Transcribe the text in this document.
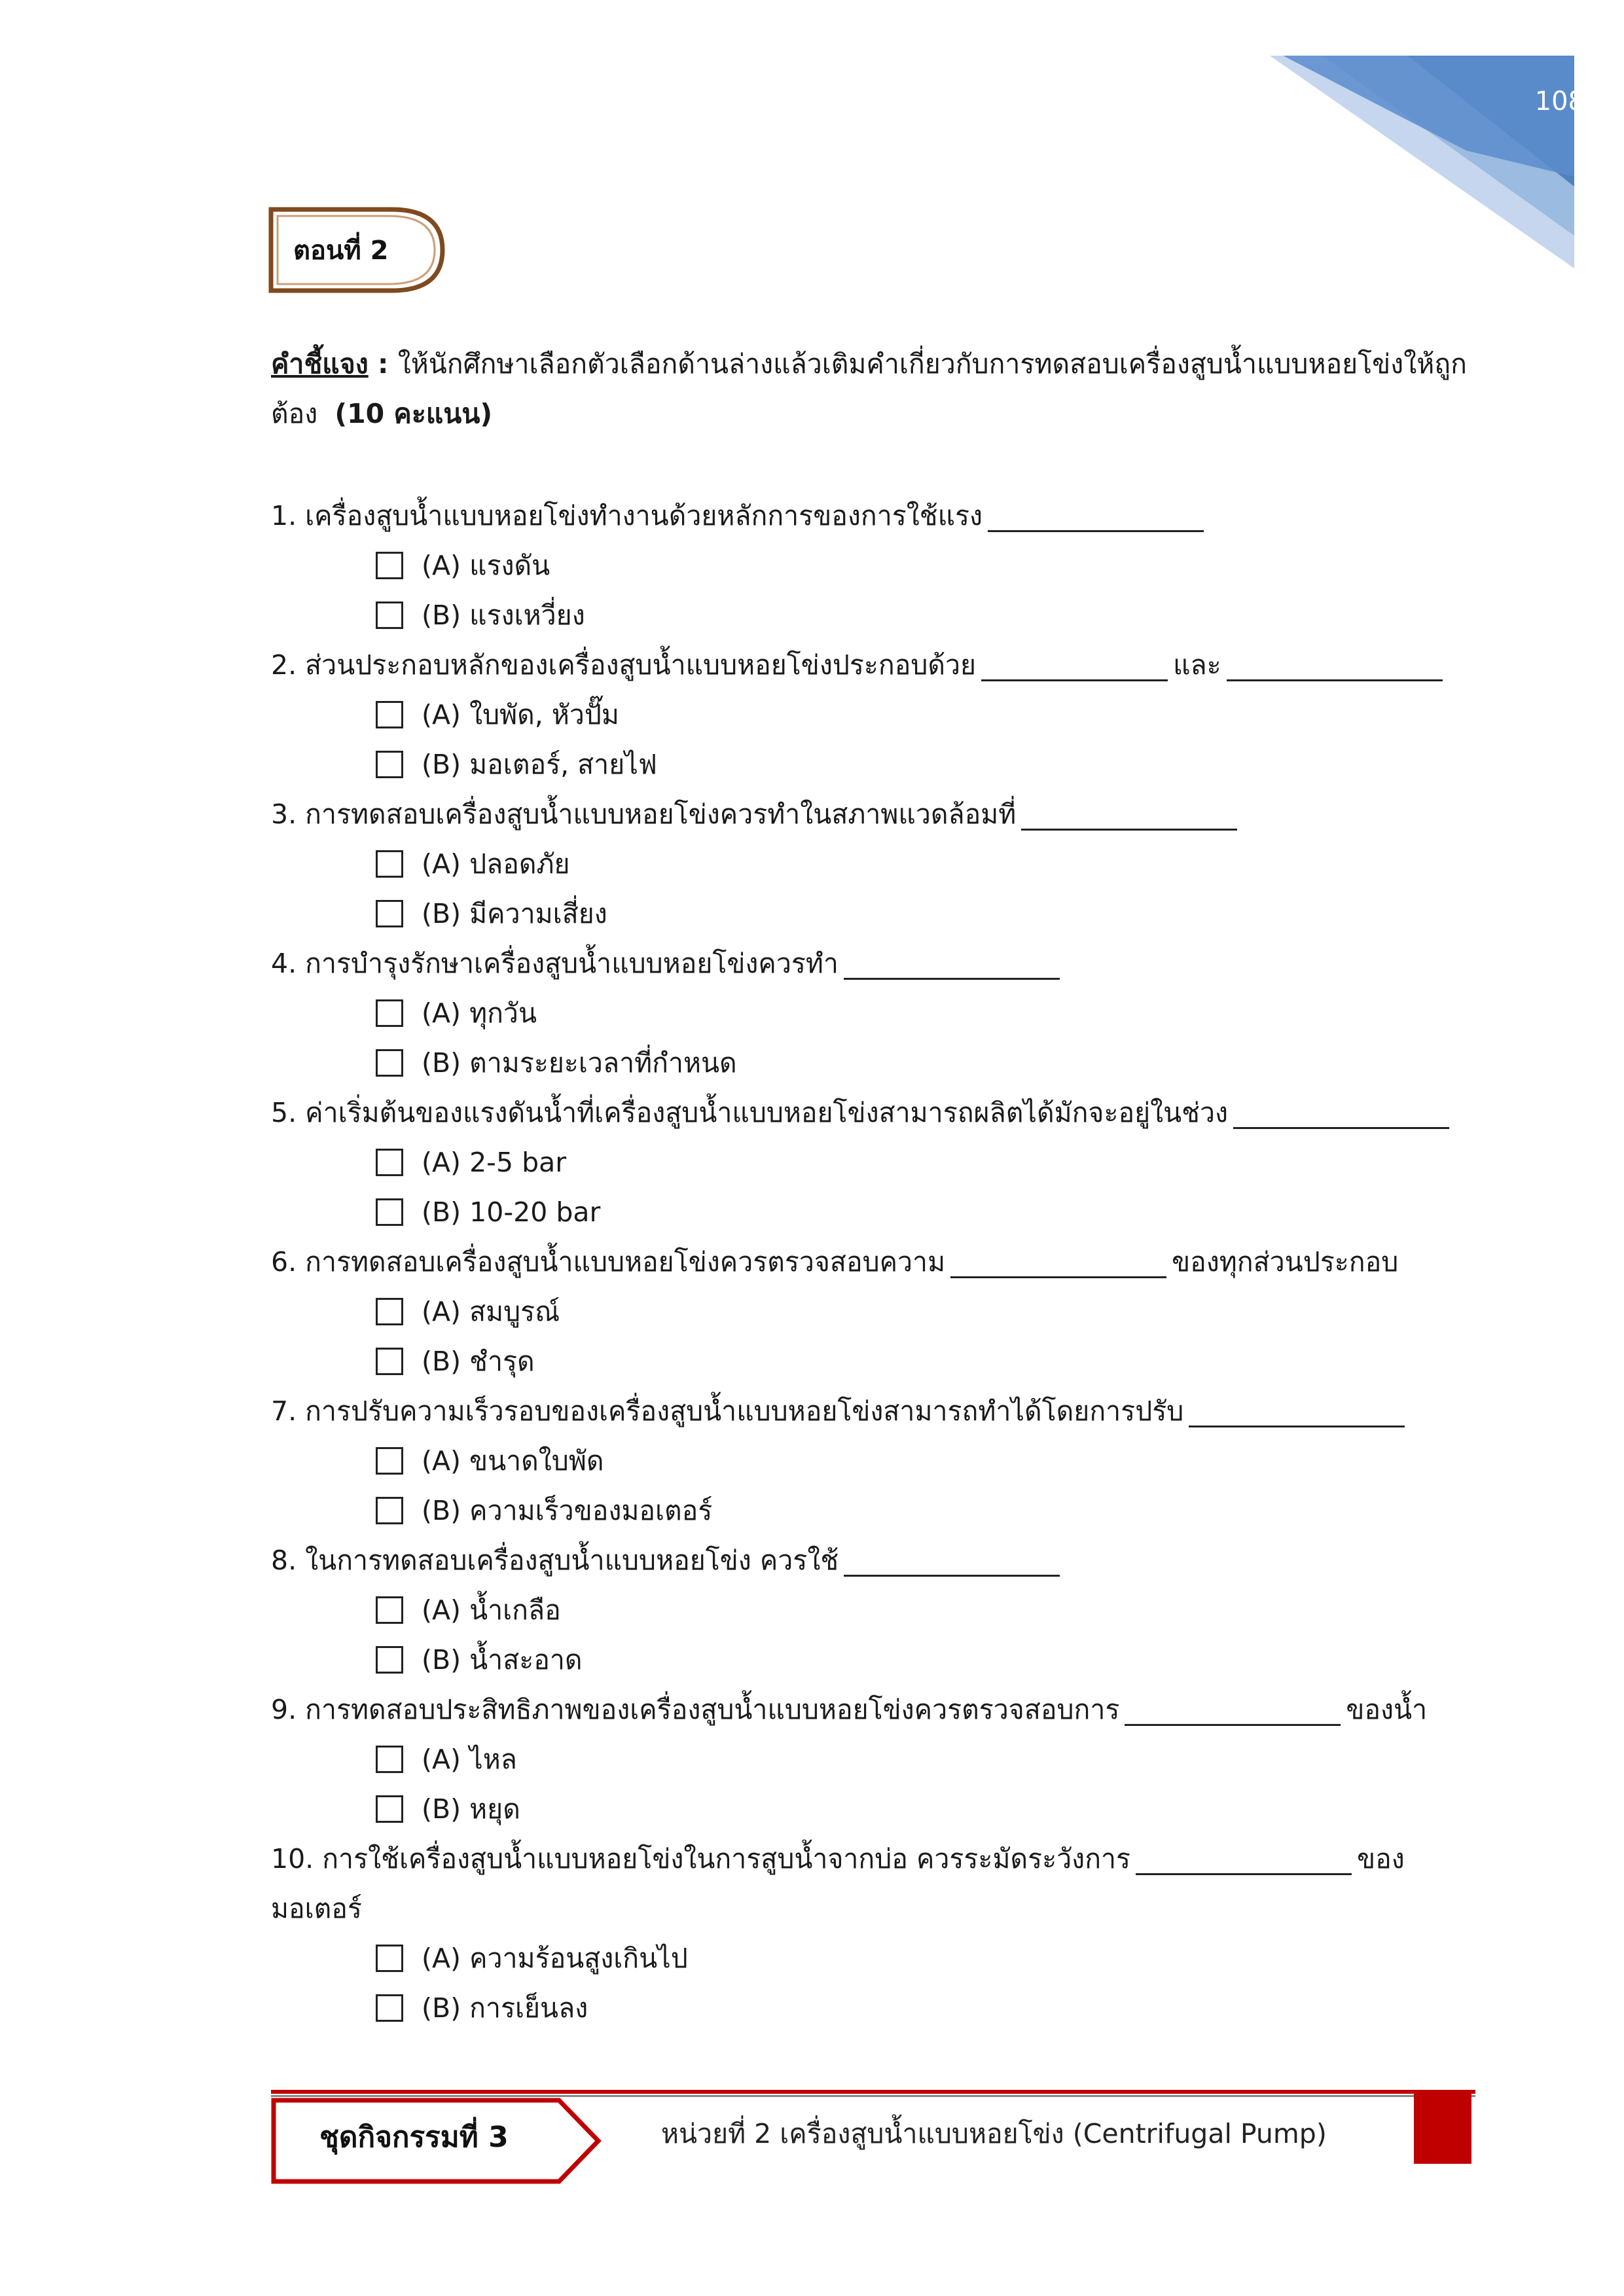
108
ตอนที่ 2
คำชี้แจง : ให้นักศึกษาเลือกตัวเลือกด้านล่างแล้วเติมคำเกี่ยวกับการทดสอบเครื่องสูบน้ำแบบหอยโข่งให้ถูกต้อง (10 คะแนน)
1. เครื่องสูบน้ำแบบหอยโข่งทำงานด้วยหลักการของการใช้แรง
(A) แรงดัน
(B) แรงเหวี่ยง
2. ส่วนประกอบหลักของเครื่องสูบน้ำแบบหอยโข่งประกอบด้วย	และ
(A) ใบพัด, หัวปั๊ม
(B) มอเตอร์, สายไฟ
3. การทดสอบเครื่องสูบน้ำแบบหอยโข่งควรทำในสภาพแวดล้อมที่
(A) ปลอดภัย
(B) มีความเสี่ยง
4. การบำรุงรักษาเครื่องสูบน้ำแบบหอยโข่งควรทำ
(A) ทุกวัน
(B) ตามระยะเวลาที่กำหนด
5. ค่าเริ่มต้นของแรงดันน้ำที่เครื่องสูบน้ำแบบหอยโข่งสามารถผลิตได้มักจะอยู่ในช่วง
(A) 2-5 bar
(B) 10-20 bar
6. การทดสอบเครื่องสูบน้ำแบบหอยโข่งควรตรวจสอบความ	ของทุกส่วนประกอบ
(A) สมบูรณ์
(B) ชำรุด
7. การปรับความเร็วรอบของเครื่องสูบน้ำแบบหอยโข่งสามารถทำได้โดยการปรับ
(A) ขนาดใบพัด
(B) ความเร็วของมอเตอร์
8. ในการทดสอบเครื่องสูบน้ำแบบหอยโข่ง ควรใช้
(A) น้ำเกลือ
(B) น้ำสะอาด
9. การทดสอบประสิทธิภาพของเครื่องสูบน้ำแบบหอยโข่งควรตรวจสอบการ	ของน้ำ
(A) ไหล
(B) หยุด
10. การใช้เครื่องสูบน้ำแบบหอยโข่งในการสูบน้ำจากบ่อ ควรระมัดระวังการ	ของมอเตอร์
(A) ความร้อนสูงเกินไป
(B) การเย็นลง
ชุดกิจกรรมที่ 3	หน่วยที่ 2 เครื่องสูบน้ำแบบหอยโข่ง (Centrifugal Pump)
